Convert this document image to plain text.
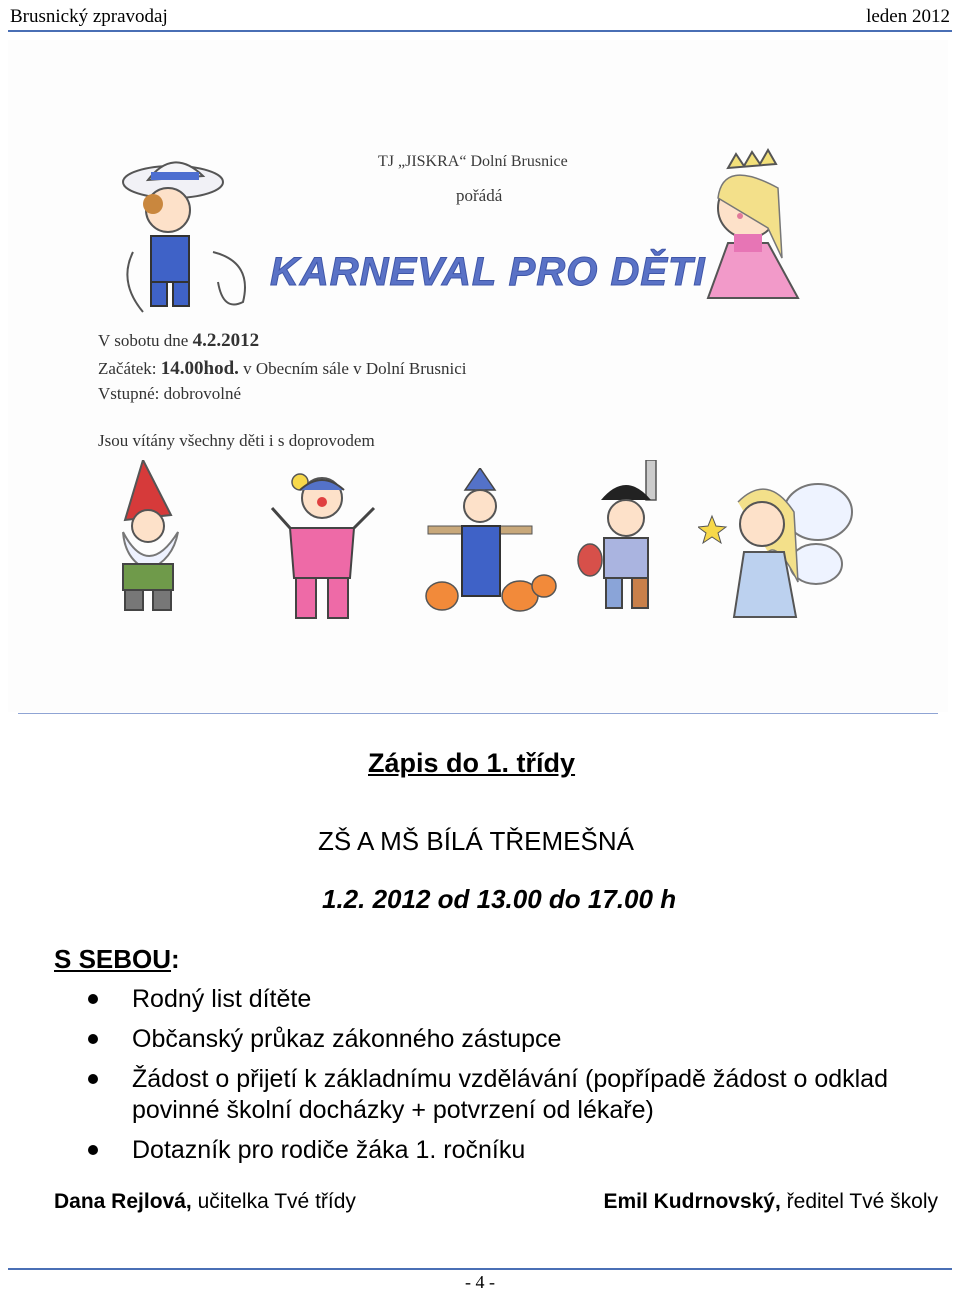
Brusnický zpravodaj	leden 2012
TJ „JISKRA“ Dolní Brusnice
pořádá
KARNEVAL PRO DĚTI
V sobotu dne 4.2.2012
Začátek: 14.00hod. v Obecním sále v Dolní Brusnici
Vstupné: dobrovolné
Jsou vítány všechny děti i s doprovodem
Zápis do 1. třídy
ZŠ A MŠ BÍLÁ TŘEMEŠNÁ
1.2. 2012 od 13.00 do 17.00 h
S SEBOU:
Rodný list dítěte
Občanský průkaz zákonného zástupce
Žádost o přijetí k základnímu vzdělávání (popřípadě žádost o odklad povinné školní docházky + potvrzení od lékaře)
Dotazník pro rodiče žáka 1. ročníku
Dana Rejlová, učitelka Tvé třídy	Emil Kudrnovský, ředitel Tvé školy
- 4 -
